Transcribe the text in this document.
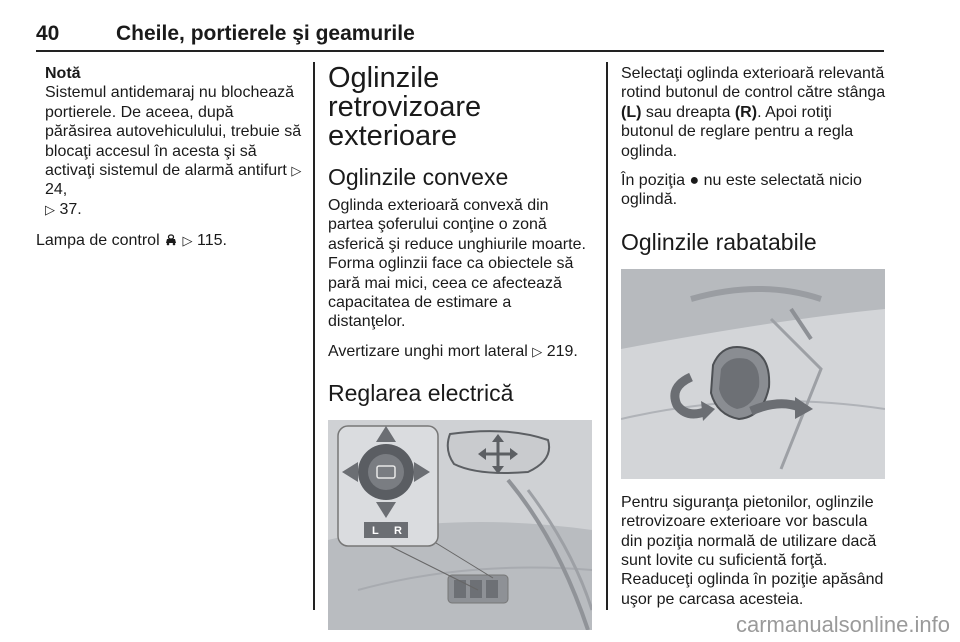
40	Cheile, portierele şi geamurile
Notă
Sistemul antidemaraj nu blochează portierele. De aceea, după părăsirea autovehiculului, trebuie să blocaţi accesul în acesta şi să activaţi sistemul de alarmă antifurt ▷ 24,
▷ 37.

Lampa de control  ▷ 115.

Oglinzile retrovizoare exterioare
Oglinzile convexe

Oglinda exterioară convexă din partea şoferului conţine o zonă asferică şi reduce unghiurile moarte. Forma oglinzii face ca obiectele să pară mai mici, ceea ce afectează capacitatea de estimare a distanţelor.

Avertizare unghi mort lateral ▷ 219.

Reglarea electrică
L R

Selectaţi oglinda exterioară relevantă rotind butonul de control către stânga (L) sau dreapta (R). Apoi rotiţi butonul de reglare pentru a regla oglinda.

În poziţia ● nu este selectată nicio oglindă.

Oglinzile rabatabile

Pentru siguranţa pietonilor, oglinzile retrovizoare exterioare vor bascula din poziţia normală de utilizare dacă sunt lovite cu suficientă forţă. Readuceţi oglinda în poziţie apăsând uşor pe carcasa acesteia.

carmanualsonline.info
